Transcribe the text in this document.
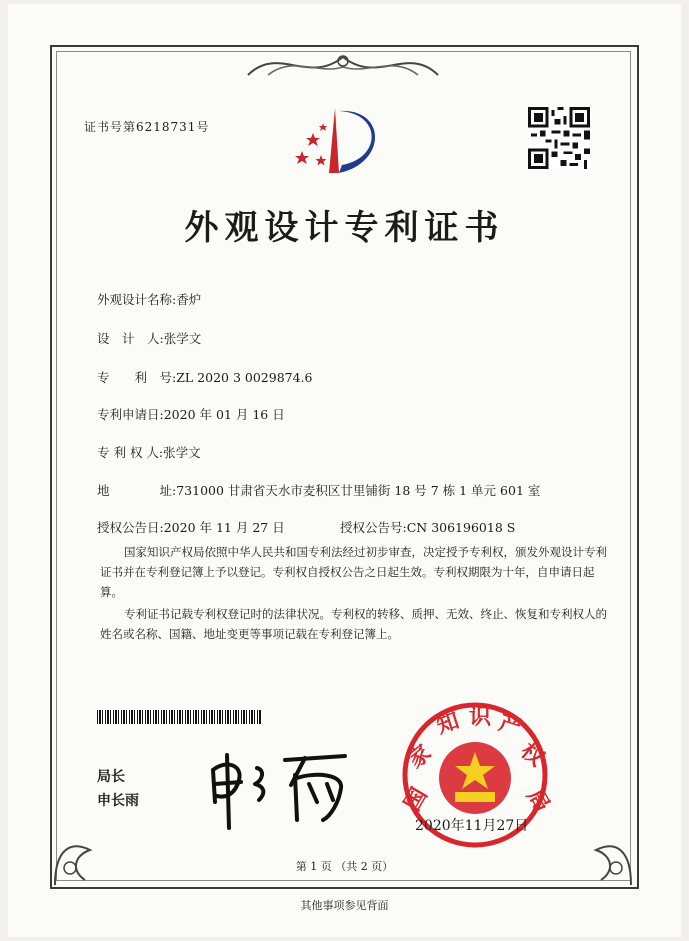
证书号第6218731号
外观设计专利证书
外观设计名称:香炉
设　计　人:张学文
专　　利　号:ZL 2020 3 0029874.6
专利申请日:2020 年 01 月 16 日
专 利 权 人:张学文
地　　　　址:731000 甘肃省天水市麦积区廿里铺街 18 号 7 栋 1 单元 601 室
授权公告日:2020 年 11 月 27 日	授权公告号:CN 306196018 S

国家知识产权局依照中华人民共和国专利法经过初步审查，决定授予专利权，颁发外观设计专利证书并在专利登记簿上予以登记。专利权自授权公告之日起生效。专利权期限为十年，自申请日起算。

专利证书记载专利权登记时的法律状况。专利权的转移、质押、无效、终止、恢复和专利权人的姓名或名称、国籍、地址变更等事项记载在专利登记簿上。

局长
申长雨	国
家
知 识 产
权
局
2020年11月27日
第 1 页 （共 2 页）
其他事项参见背面
